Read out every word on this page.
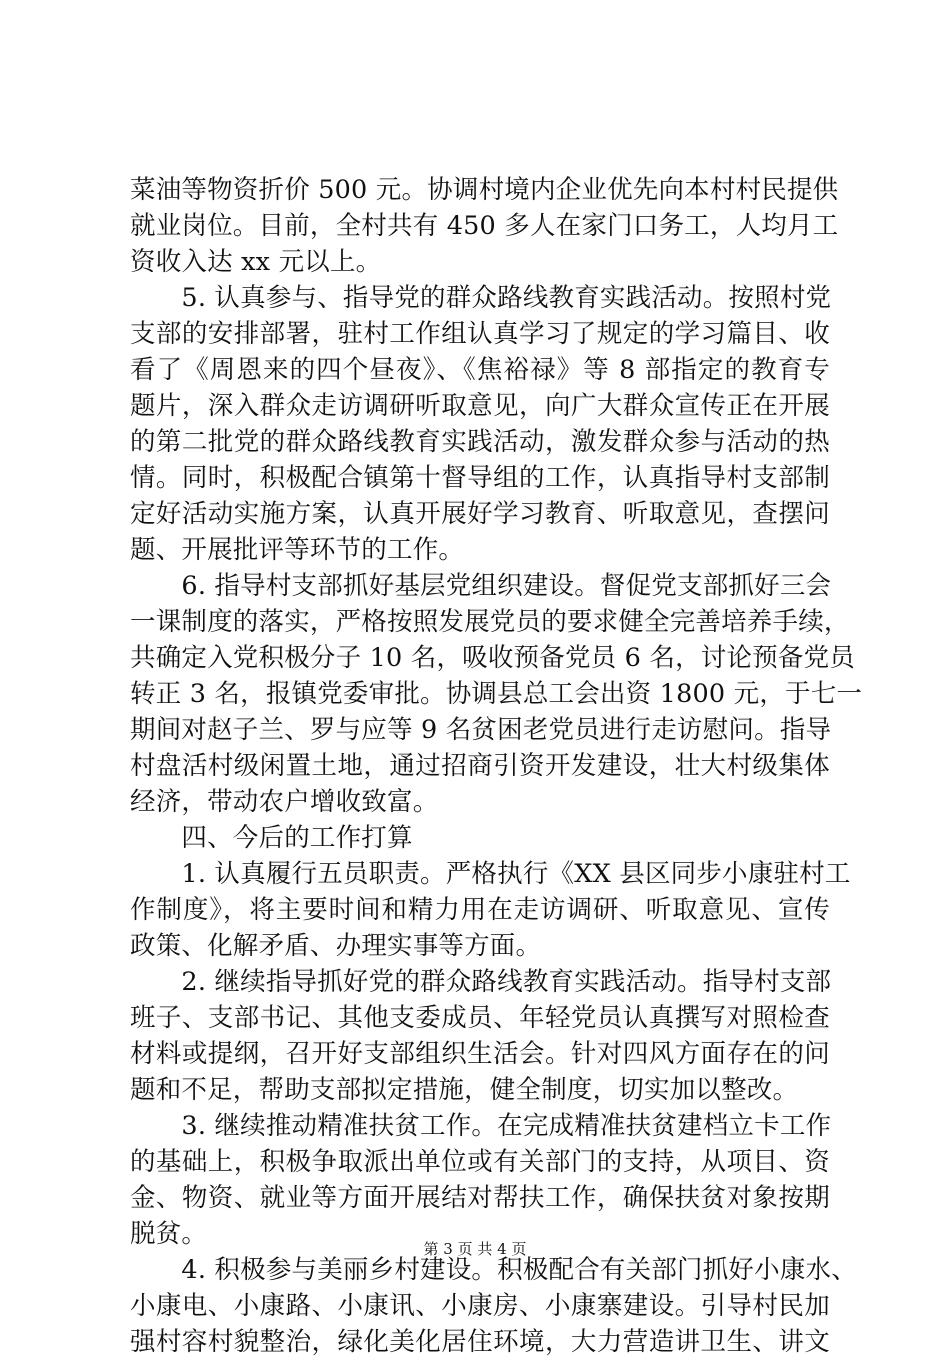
菜油等物资折价 500 元。协调村境内企业优先向本村村民提供
就业岗位。目前，全村共有 450 多人在家门口务工，人均月工
资收入达 xx 元以上。
　　5. 认真参与、指导党的群众路线教育实践活动。按照村党
支部的安排部署，驻村工作组认真学习了规定的学习篇目、收
看了《周恩来的四个昼夜》、《焦裕禄》等 8 部指定的教育专
题片，深入群众走访调研听取意见，向广大群众宣传正在开展
的第二批党的群众路线教育实践活动，激发群众参与活动的热
情。同时，积极配合镇第十督导组的工作，认真指导村支部制
定好活动实施方案，认真开展好学习教育、听取意见，查摆问
题、开展批评等环节的工作。
　　6. 指导村支部抓好基层党组织建设。督促党支部抓好三会
一课制度的落实，严格按照发展党员的要求健全完善培养手续，
共确定入党积极分子 10 名，吸收预备党员 6 名，讨论预备党员
转正 3 名，报镇党委审批。协调县总工会出资 1800 元，于七一
期间对赵子兰、罗与应等 9 名贫困老党员进行走访慰问。指导
村盘活村级闲置土地，通过招商引资开发建设，壮大村级集体
经济，带动农户增收致富。
　　四、今后的工作打算
　　1. 认真履行五员职责。严格执行《XX 县区同步小康驻村工
作制度》，将主要时间和精力用在走访调研、听取意见、宣传
政策、化解矛盾、办理实事等方面。
　　2. 继续指导抓好党的群众路线教育实践活动。指导村支部
班子、支部书记、其他支委成员、年轻党员认真撰写对照检查
材料或提纲，召开好支部组织生活会。针对四风方面存在的问
题和不足，帮助支部拟定措施，健全制度，切实加以整改。
　　3. 继续推动精准扶贫工作。在完成精准扶贫建档立卡工作
的基础上，积极争取派出单位或有关部门的支持，从项目、资
金、物资、就业等方面开展结对帮扶工作，确保扶贫对象按期
脱贫。
　　4. 积极参与美丽乡村建设。积极配合有关部门抓好小康水、
小康电、小康路、小康讯、小康房、小康寨建设。引导村民加
强村容村貌整治，绿化美化居住环境，大力营造讲卫生、讲文
第 3 页 共 4 页
